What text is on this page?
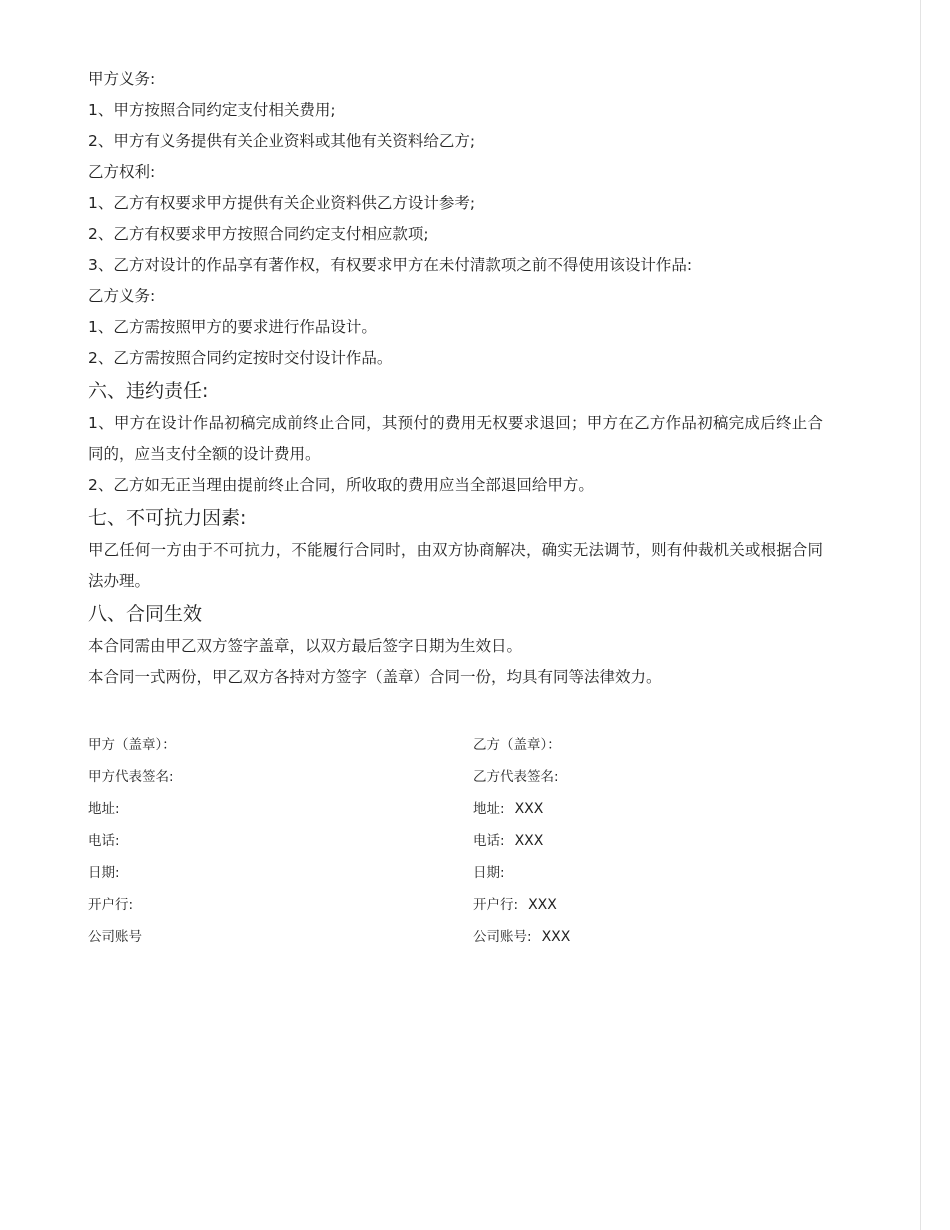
甲方义务:
1、甲方按照合同约定支付相关费用;
2、甲方有义务提供有关企业资料或其他有关资料给乙方;
乙方权利:
1、乙方有权要求甲方提供有关企业资料供乙方设计参考;
2、乙方有权要求甲方按照合同约定支付相应款项;
3、乙方对设计的作品享有著作权，有权要求甲方在未付清款项之前不得使用该设计作品:
乙方义务:
1、乙方需按照甲方的要求进行作品设计。
2、乙方需按照合同约定按时交付设计作品。
六、违约责任:
1、甲方在设计作品初稿完成前终止合同，其预付的费用无权要求退回；甲方在乙方作品初稿完成后终止合同的，应当支付全额的设计费用。
2、乙方如无正当理由提前终止合同，所收取的费用应当全部退回给甲方。
七、不可抗力因素:
甲乙任何一方由于不可抗力，不能履行合同时，由双方协商解决，确实无法调节，则有仲裁机关或根据合同法办理。
八、合同生效
本合同需由甲乙双方签字盖章，以双方最后签字日期为生效日。
本合同一式两份，甲乙双方各持对方签字（盖章）合同一份，均具有同等法律效力。
甲方（盖章）：	乙方（盖章）：
甲方代表签名:	乙方代表签名:
地址:	地址: XXX
电话:	电话: XXX
日期:	日期:
开户行:	开户行: XXX
公司账号	公司账号: XXX
